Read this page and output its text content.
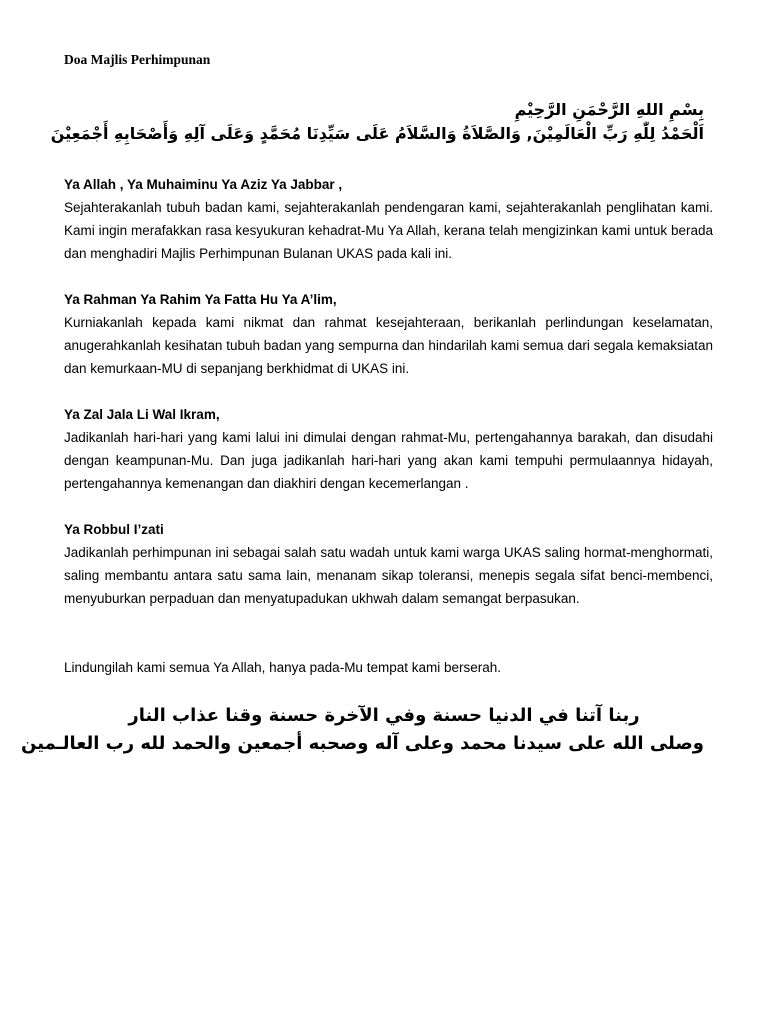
Doa Majlis Perhimpunan
بِسْمِ اللهِ الرَّحْمَنِ الرَّحِيْمِ
اَلْحَمْدُ لِلّٰهِ رَبِّ الْعَالَمِيْنَ, وَالصَّلاَةُ وَالسَّلاَمُ عَلَى سَيِّدِنَا مُحَمَّدٍ وَعَلَى آلِهِ وَأَصْحَابِهِ أَجْمَعِيْنَ
Ya Allah , Ya Muhaiminu Ya Aziz Ya Jabbar ,
Sejahterakanlah tubuh badan kami, sejahterakanlah pendengaran kami, sejahterakanlah penglihatan kami. Kami ingin merafakkan rasa kesyukuran kehadrat-Mu Ya Allah, kerana telah mengizinkan kami untuk berada dan menghadiri Majlis Perhimpunan Bulanan UKAS pada kali ini.
Ya Rahman Ya Rahim Ya Fatta Hu Ya A’lim,
Kurniakanlah kepada kami nikmat dan rahmat kesejahteraan, berikanlah perlindungan keselamatan, anugerahkanlah kesihatan tubuh badan yang sempurna dan hindarilah kami semua dari segala kemaksiatan dan kemurkaan-MU di sepanjang berkhidmat di UKAS ini.
Ya Zal Jala Li Wal Ikram,
Jadikanlah hari-hari yang kami lalui ini dimulai dengan rahmat-Mu, pertengahannya barakah, dan disudahi dengan keampunan-Mu. Dan juga jadikanlah hari-hari yang akan kami tempuhi permulaannya hidayah, pertengahannya kemenangan dan diakhiri dengan kecemerlangan .
Ya Robbul I’zati
Jadikanlah perhimpunan ini sebagai salah satu wadah untuk kami warga UKAS saling hormat-menghormati, saling membantu antara satu sama lain, menanam sikap toleransi, menepis segala sifat benci-membenci, menyuburkan perpaduan dan menyatupadukan ukhwah dalam semangat berpasukan.
Lindungilah kami semua Ya Allah, hanya pada-Mu tempat kami berserah.
ربنا آتنا في الدنيا حسنة وفي الآخرة حسنة وقنا عذاب النار
وصلى الله على سيدنا محمد وعلى آله وصحبه أجمعين والحمد لله رب العالـمين
